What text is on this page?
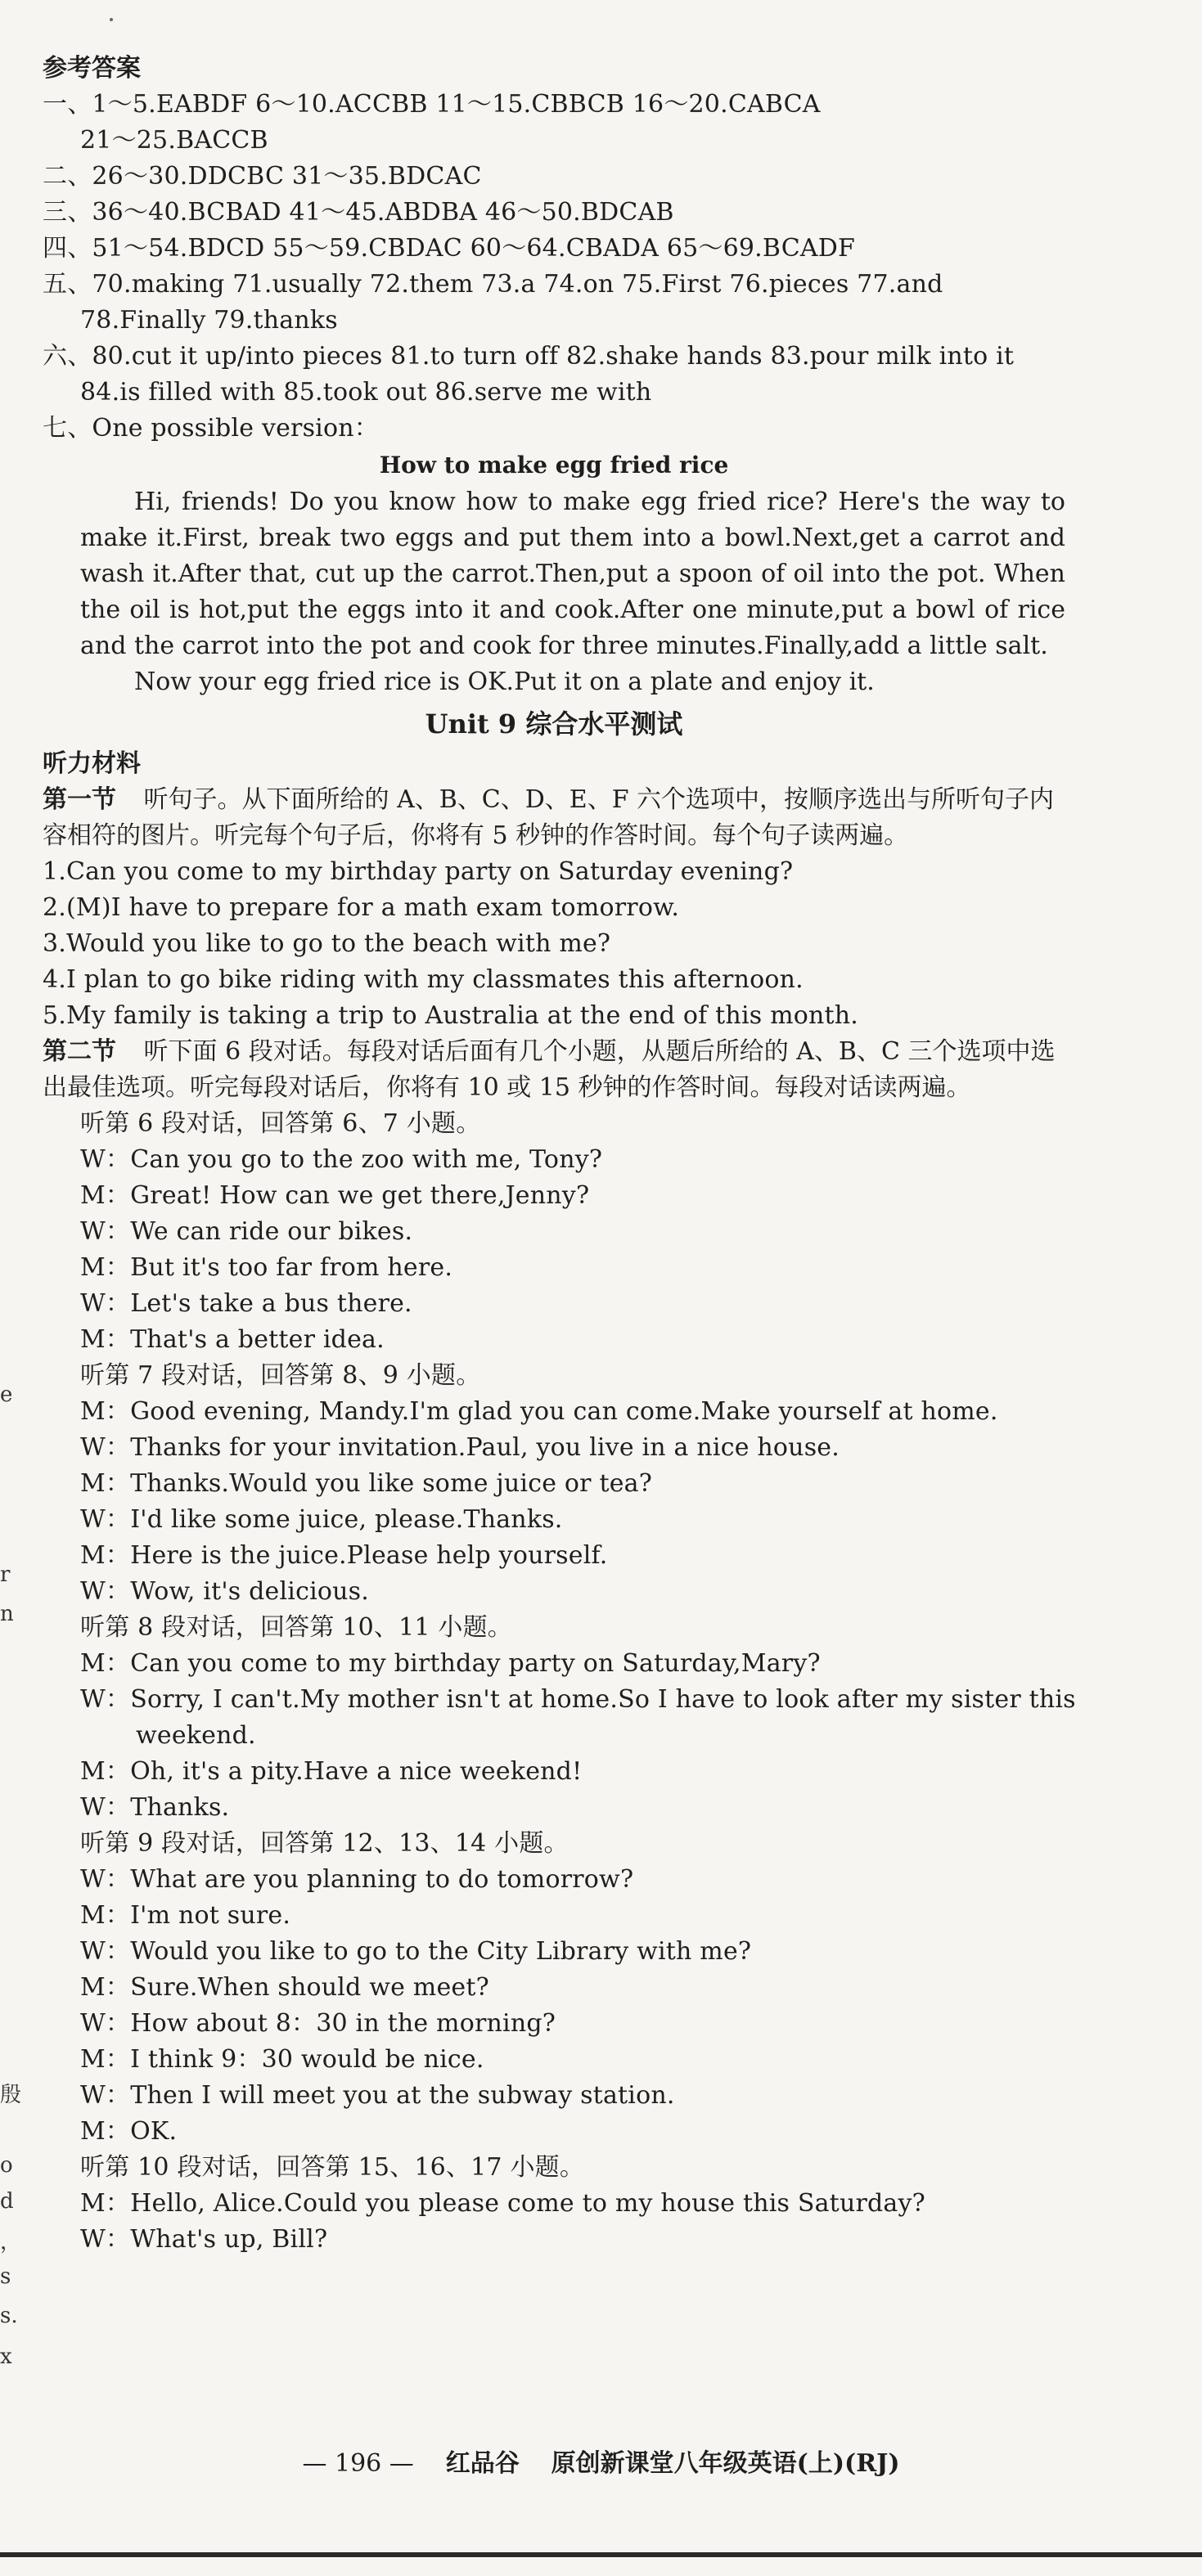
参考答案
一、1～5.EABDF 6～10.ACCBB 11～15.CBBCB 16～20.CABCA
21～25.BACCB
二、26～30.DDCBC 31～35.BDCAC
三、36～40.BCBAD 41～45.ABDBA 46～50.BDCAB
四、51～54.BDCD 55～59.CBDAC 60～64.CBADA 65～69.BCADF
五、70.making 71.usually 72.them 73.a 74.on 75.First 76.pieces 77.and
78.Finally 79.thanks
六、80.cut it up/into pieces 81.to turn off 82.shake hands 83.pour milk into it
84.is filled with 85.took out 86.serve me with
七、One possible version：
How to make egg fried rice
Hi, friends! Do you know how to make egg fried rice? Here's the way to make it.First, break two eggs and put them into a bowl.Next,get a carrot and wash it.After that, cut up the carrot.Then,put a spoon of oil into the pot. When the oil is hot,put the eggs into it and cook.After one minute,put a bowl of rice and the carrot into the pot and cook for three minutes.Finally,add a little salt.
Now your egg fried rice is OK.Put it on a plate and enjoy it.
Unit 9 综合水平测试
听力材料
第一节 听句子。从下面所给的 A、B、C、D、E、F 六个选项中，按顺序选出与所听句子内容相符的图片。听完每个句子后，你将有 5 秒钟的作答时间。每个句子读两遍。
1.Can you come to my birthday party on Saturday evening?
2.(M)I have to prepare for a math exam tomorrow.
3.Would you like to go to the beach with me?
4.I plan to go bike riding with my classmates this afternoon.
5.My family is taking a trip to Australia at the end of this month.
第二节 听下面 6 段对话。每段对话后面有几个小题，从题后所给的 A、B、C 三个选项中选出最佳选项。听完每段对话后，你将有 10 或 15 秒钟的作答时间。每段对话读两遍。
听第 6 段对话，回答第 6、7 小题。
W：Can you go to the zoo with me, Tony?
M：Great! How can we get there,Jenny?
W：We can ride our bikes.
M：But it's too far from here.
W：Let's take a bus there.
M：That's a better idea.
听第 7 段对话，回答第 8、9 小题。
M：Good evening, Mandy.I'm glad you can come.Make yourself at home.
W：Thanks for your invitation.Paul, you live in a nice house.
M：Thanks.Would you like some juice or tea?
W：I'd like some juice, please.Thanks.
M：Here is the juice.Please help yourself.
W：Wow, it's delicious.
听第 8 段对话，回答第 10、11 小题。
M：Can you come to my birthday party on Saturday,Mary?
W：Sorry, I can't.My mother isn't at home.So I have to look after my sister this
weekend.
M：Oh, it's a pity.Have a nice weekend!
W：Thanks.
听第 9 段对话，回答第 12、13、14 小题。
W：What are you planning to do tomorrow?
M：I'm not sure.
W：Would you like to go to the City Library with me?
M：Sure.When should we meet?
W：How about 8：30 in the morning?
M：I think 9：30 would be nice.
W：Then I will meet you at the subway station.
M：OK.
听第 10 段对话，回答第 15、16、17 小题。
M：Hello, Alice.Could you please come to my house this Saturday?
W：What's up, Bill?
e
r
n
殷
o
d
，
s
s.
x
— 196 — 红品谷 原创新课堂八年级英语(上)(RJ)
